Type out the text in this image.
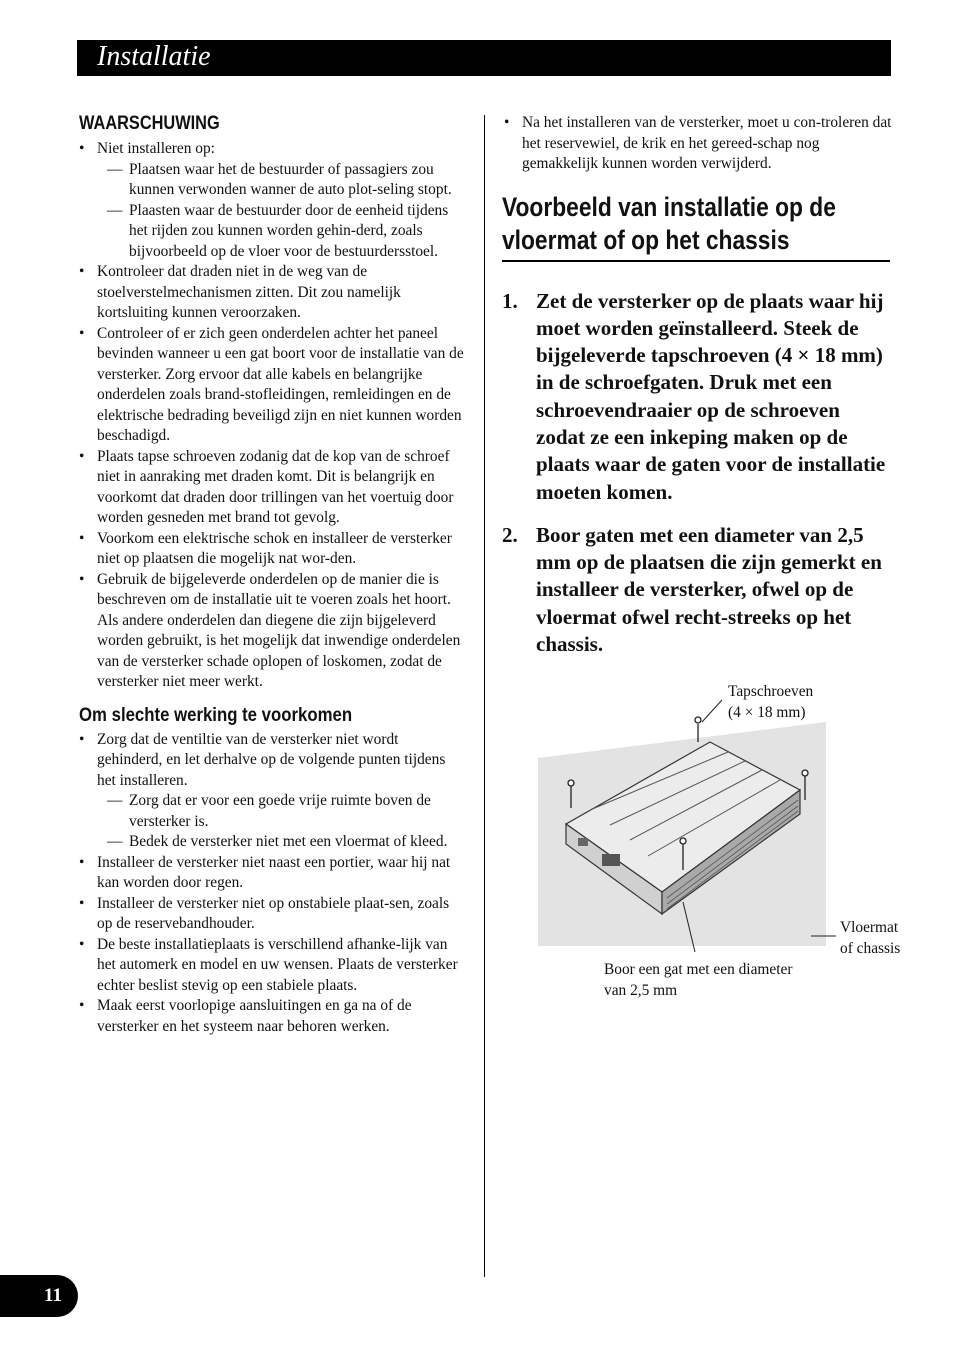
Installatie
WAARSCHUWING
• Niet installeren op:
— Plaatsen waar het de bestuurder of passagiers zou kunnen verwonden wanner de auto plot-seling stopt.
— Plaasten waar de bestuurder door de eenheid tijdens het rijden zou kunnen worden gehin-derd, zoals bijvoorbeeld op de vloer voor de bestuurdersstoel.
• Kontroleer dat draden niet in de weg van de stoelverstelmechanismen zitten. Dit zou namelijk kortsluiting kunnen veroorzaken.
• Controleer of er zich geen onderdelen achter het paneel bevinden wanneer u een gat boort voor de installatie van de versterker. Zorg ervoor dat alle kabels en belangrijke onderdelen zoals brand-stofleidingen, remleidingen en de elektrische bedrading beveiligd zijn en niet kunnen worden beschadigd.
• Plaats tapse schroeven zodanig dat de kop van de schroef niet in aanraking met draden komt. Dit is belangrijk en voorkomt dat draden door trillingen van het voertuig door worden gesneden met brand tot gevolg.
• Voorkom een elektrische schok en installeer de versterker niet op plaatsen die mogelijk nat wor-den.
• Gebruik de bijgeleverde onderdelen op de manier die is beschreven om de installatie uit te voeren zoals het hoort. Als andere onderdelen dan diegene die zijn bijgeleverd worden gebruikt, is het mogelijk dat inwendige onderdelen van de versterker schade oplopen of loskomen, zodat de versterker niet meer werkt.
Om slechte werking te voorkomen
• Zorg dat de ventiltie van de versterker niet wordt gehinderd, en let derhalve op de volgende punten tijdens het installeren.
— Zorg dat er voor een goede vrije ruimte boven de versterker is.
— Bedek de versterker niet met een vloermat of kleed.
• Installeer de versterker niet naast een portier, waar hij nat kan worden door regen.
• Installeer de versterker niet op onstabiele plaat-sen, zoals op de reservebandhouder.
• De beste installatieplaats is verschillend afhanke-lijk van het automerk en model en uw wensen. Plaats de versterker echter beslist stevig op een stabiele plaats.
• Maak eerst voorlopige aansluitingen en ga na of de versterker en het systeem naar behoren werken.
• Na het installeren van de versterker, moet u con-troleren dat het reservewiel, de krik en het gereed-schap nog gemakkelijk kunnen worden verwijderd.
Voorbeeld van installatie op de vloermat of op het chassis
1. Zet de versterker op de plaats waar hij moet worden geïnstalleerd. Steek de bijgeleverde tapschroeven (4 × 18 mm) in de schroefgaten. Druk met een schroevendraaier op de schroeven zodat ze een inkeping maken op de plaats waar de gaten voor de installatie moeten komen.
2. Boor gaten met een diameter van 2,5 mm op de plaatsen die zijn gemerkt en installeer de versterker, ofwel op de vloermat ofwel recht-streeks op het chassis.
Tapschroeven
(4 × 18 mm)
Vloermat
of chassis
Boor een gat met een diameter
van 2,5 mm
11
